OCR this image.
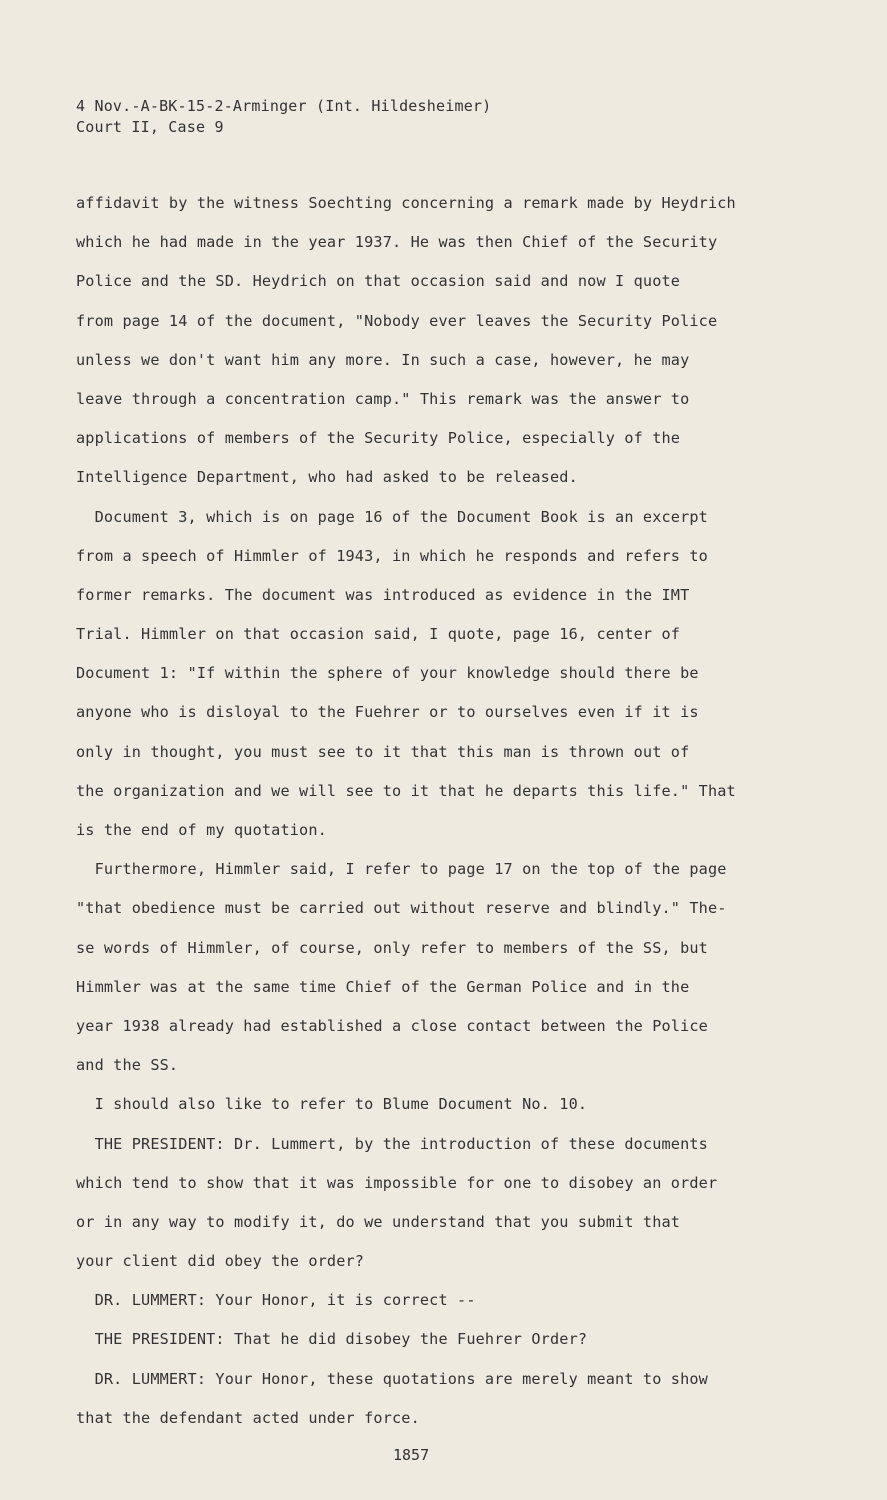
4 Nov.-A-BK-15-2-Arminger (Int. Hildesheimer)
Court II, Case 9
affidavit by the witness Soechting concerning a remark made by Heydrich
which he had made in the year 1937. He was then Chief of the Security
Police and the SD. Heydrich on that occasion said and now I quote
from page 14 of the document, "Nobody ever leaves the Security Police
unless we don't want him any more. In such a case, however, he may
leave through a concentration camp." This remark was the answer to
applications of members of the Security Police, especially of the
Intelligence Department, who had asked to be released.
Document 3, which is on page 16 of the Document Book is an excerpt
from a speech of Himmler of 1943, in which he responds and refers to
former remarks. The document was introduced as evidence in the IMT
Trial. Himmler on that occasion said, I quote, page 16, center of
Document 1: "If within the sphere of your knowledge should there be
anyone who is disloyal to the Fuehrer or to ourselves even if it is
only in thought, you must see to it that this man is thrown out of
the organization and we will see to it that he departs this life." That
is the end of my quotation.
Furthermore, Himmler said, I refer to page 17 on the top of the page
"that obedience must be carried out without reserve and blindly." The-
se words of Himmler, of course, only refer to members of the SS, but
Himmler was at the same time Chief of the German Police and in the
year 1938 already had established a close contact between the Police
and the SS.
I should also like to refer to Blume Document No. 10.
THE PRESIDENT: Dr. Lummert, by the introduction of these documents
which tend to show that it was impossible for one to disobey an order
or in any way to modify it, do we understand that you submit that
your client did obey the order?
DR. LUMMERT: Your Honor, it is correct --
THE PRESIDENT: That he did disobey the Fuehrer Order?
DR. LUMMERT: Your Honor, these quotations are merely meant to show
that the defendant acted under force.
1857
